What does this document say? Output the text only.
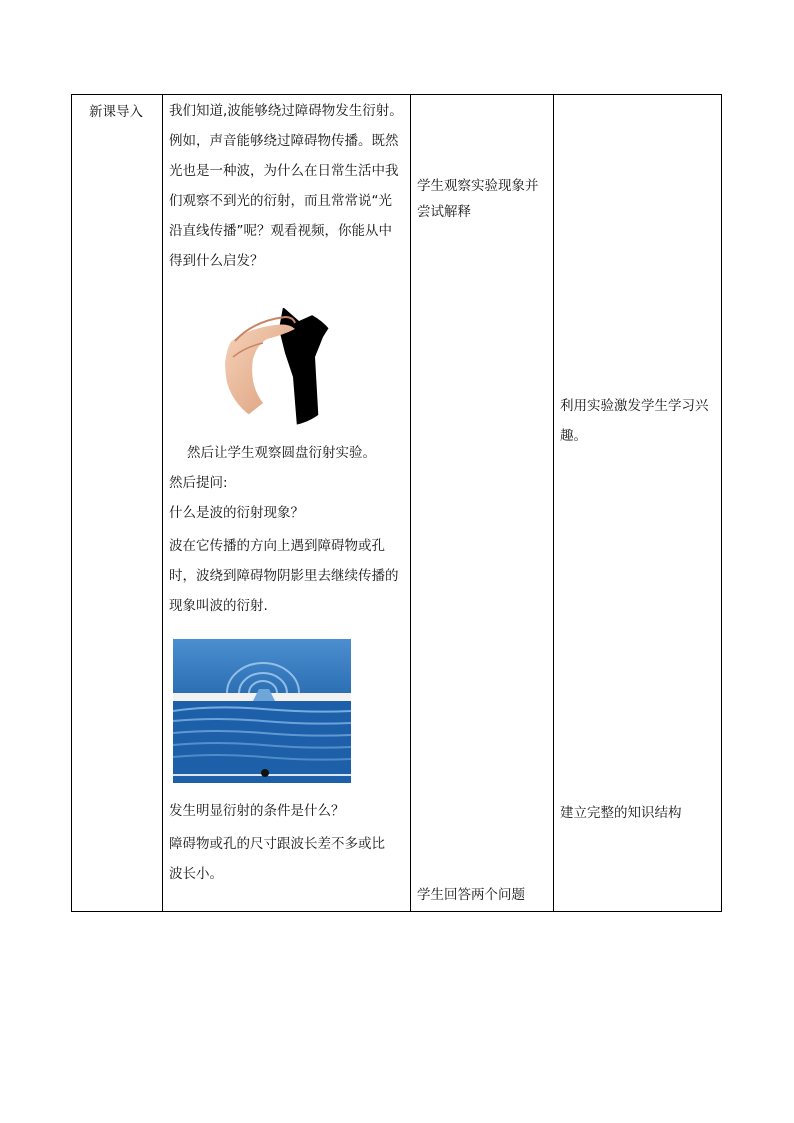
新课导入 我们知道,波能够绕过障碍物发生衍射。
例如，声音能够绕过障碍物传播。既然
光也是一种波，为什么在日常生活中我
们观察不到光的衍射，而且常常说“光
沿直线传播”呢？观看视频，你能从中
得到什么启发？
然后让学生观察圆盘衍射实验。
然后提问:
什么是波的衍射现象？
波在它传播的方向上遇到障碍物或孔
时，波绕到障碍物阴影里去继续传播的
现象叫波的衍射.
发生明显衍射的条件是什么？
障碍物或孔的尺寸跟波长差不多或比
波长小。
学生观察实验现象并
尝试解释
学生回答两个问题
利用实验激发学生学习兴
趣。
建立完整的知识结构
